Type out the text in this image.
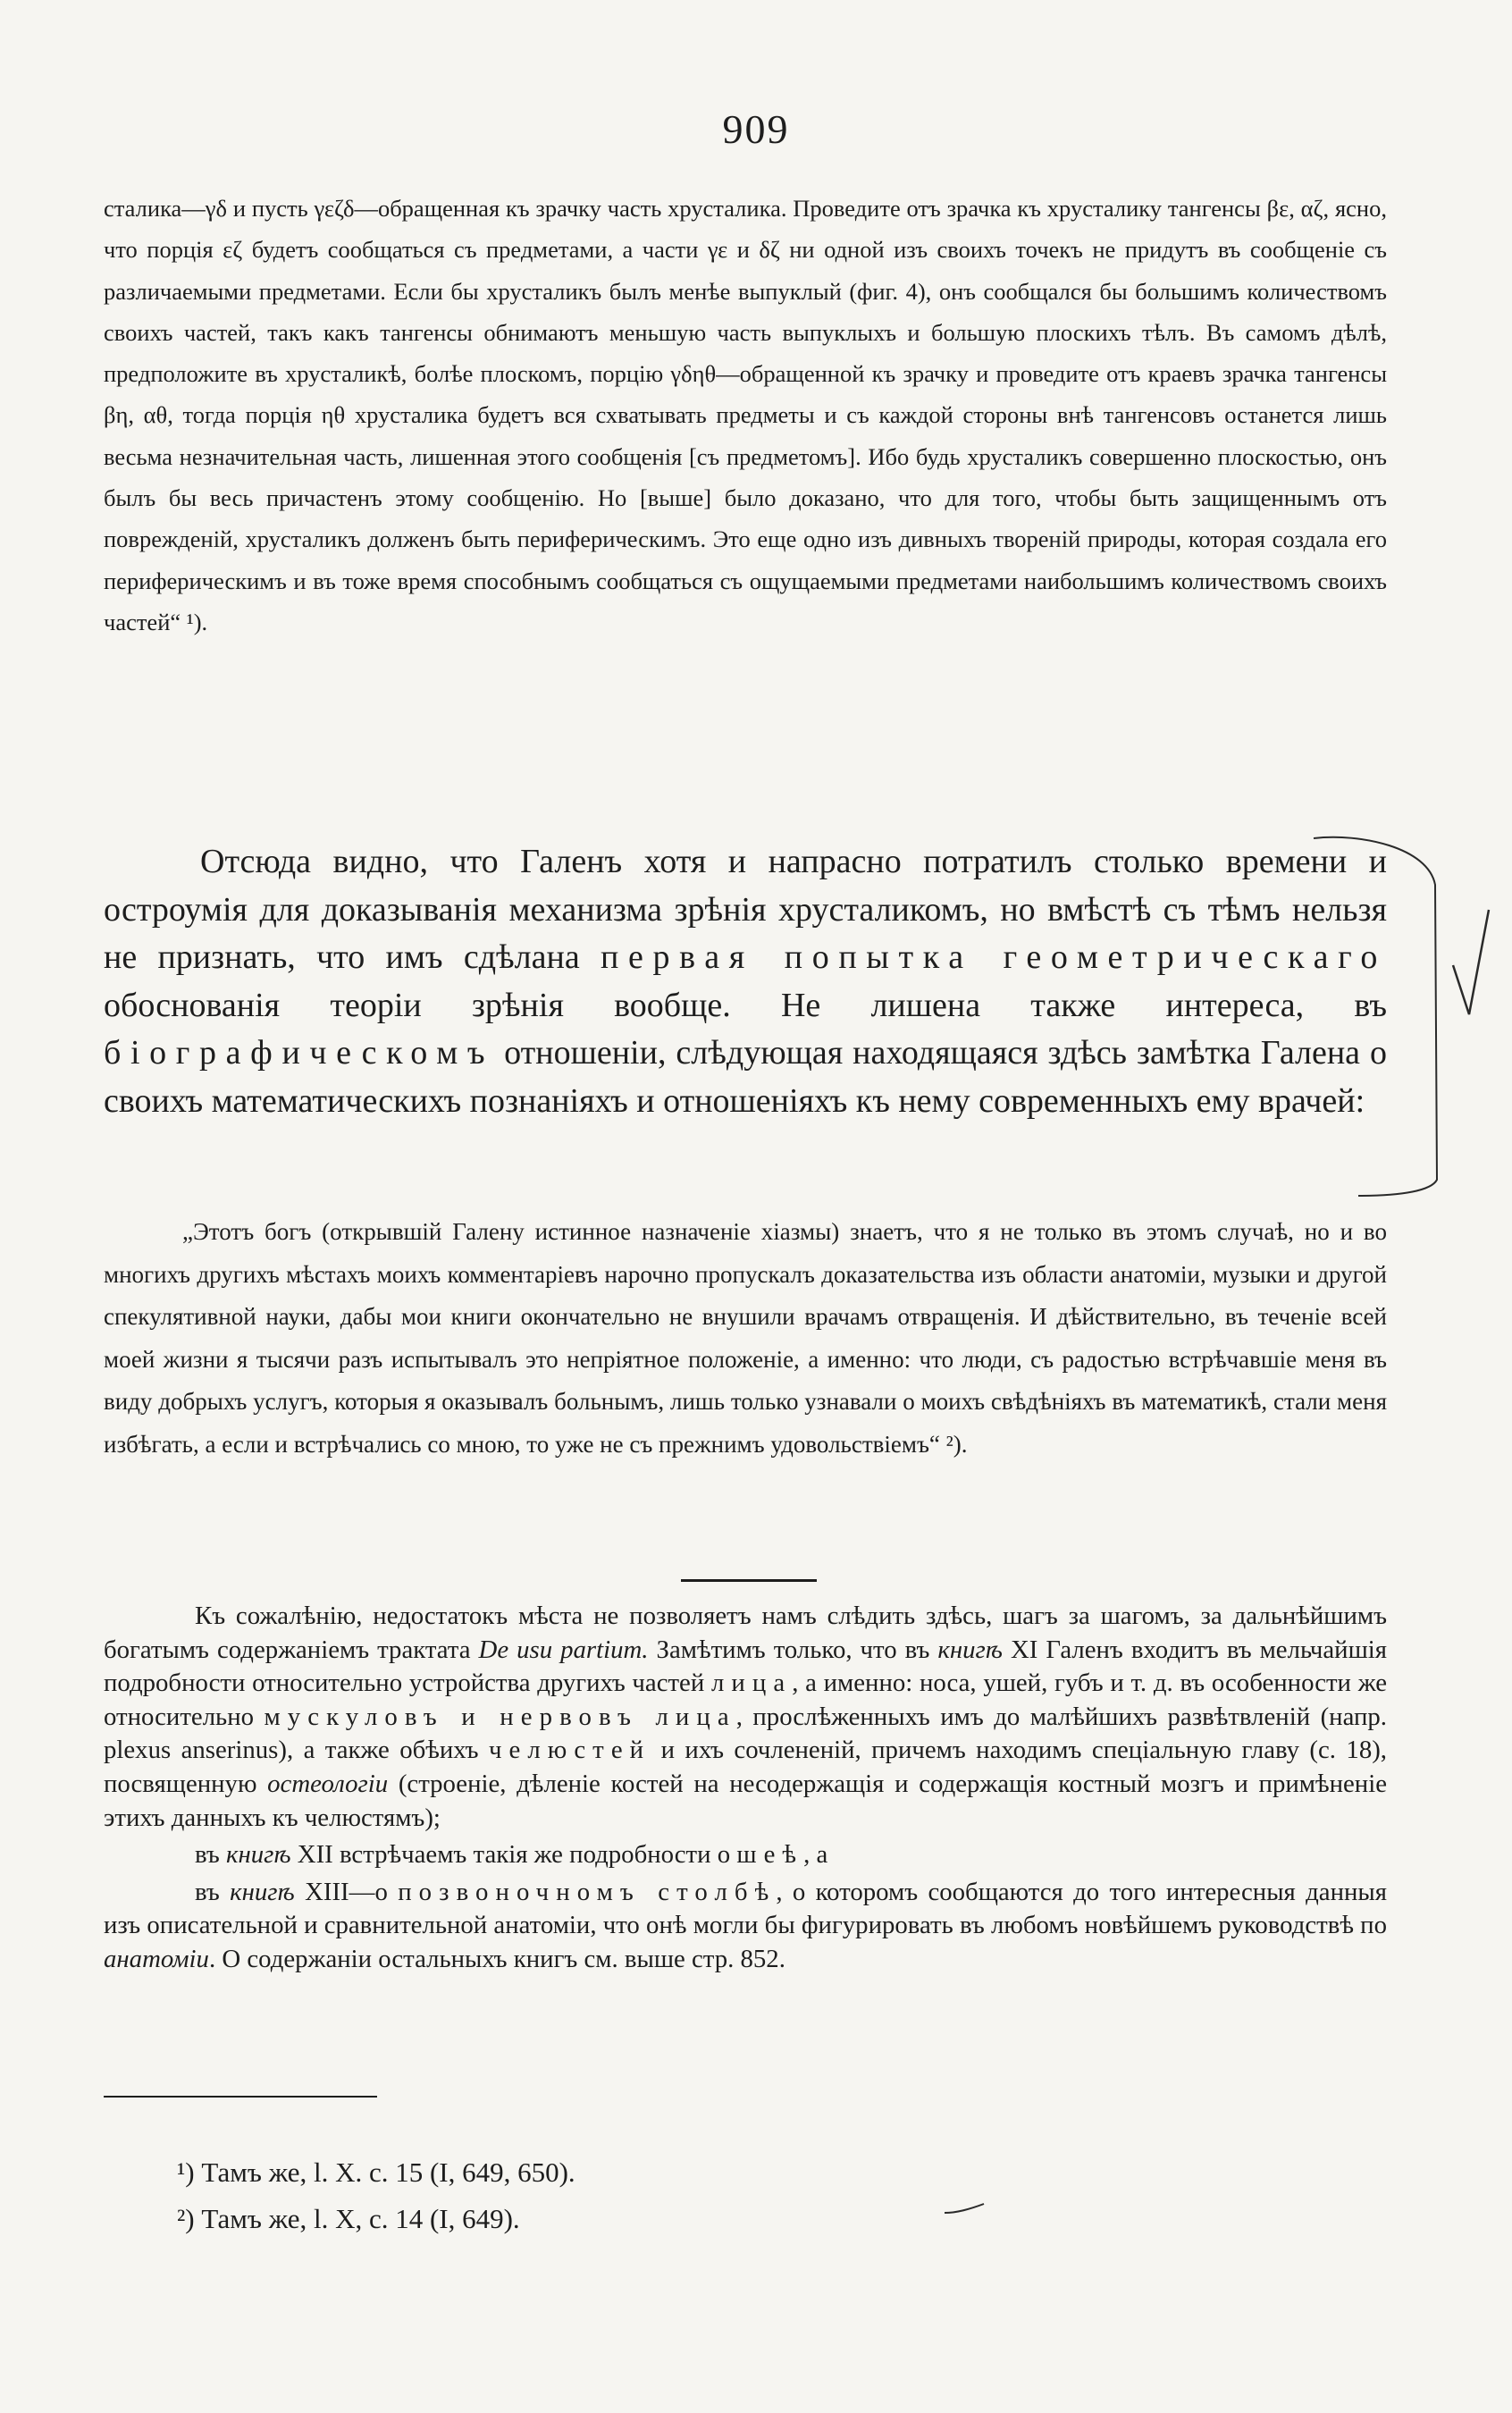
909

сталика—γδ и пусть γεζδ—обращенная къ зрачку часть хрусталика. Проведите отъ зрачка къ хрусталику тангенсы βε, αζ, ясно, что порція εζ будетъ сообщаться съ предметами, а части γε и δζ ни одной изъ своихъ точекъ не придутъ въ сообщеніе съ различаемыми предметами. Если бы хрусталикъ былъ менѣе выпуклый (фиг. 4), онъ сообщался бы большимъ количествомъ своихъ частей, такъ какъ тангенсы обнимаютъ меньшую часть выпуклыхъ и большую плоскихъ тѣлъ. Въ самомъ дѣлѣ, предположите въ хрусталикѣ, болѣе плоскомъ, порцію γδηθ—обращенной къ зрачку и проведите отъ краевъ зрачка тангенсы βη, αθ, тогда порція ηθ хрусталика будетъ вся схватывать предметы и съ каждой стороны внѣ тангенсовъ останется лишь весьма незначительная часть, лишенная этого сообщенія [съ предметомъ]. Ибо будь хрусталикъ совершенно плоскостью, онъ былъ бы весь причастенъ этому сообщенію. Но [выше] было доказано, что для того, чтобы быть защищеннымъ отъ поврежденій, хрусталикъ долженъ быть периферическимъ. Это еще одно изъ дивныхъ твореній природы, которая создала его периферическимъ и въ тоже время способнымъ сообщаться съ ощущаемыми предметами наибольшимъ количествомъ своихъ частей“ ¹).

Отсюда видно, что Галенъ хотя и напрасно потратилъ столько времени и остроумія для доказыванія механизма зрѣнія хрусталикомъ, но вмѣстѣ съ тѣмъ нельзя не признать, что имъ сдѣлана первая попытка геометрическаго обоснованія теоріи зрѣнія вообще. Не лишена также интереса, въ біографическомъ отношеніи, слѣдующая находящаяся здѣсь замѣтка Галена о своихъ математическихъ познаніяхъ и отношеніяхъ къ нему современныхъ ему врачей:

„Этотъ богъ (открывшій Галену истинное назначеніе хіазмы) знаетъ, что я не только въ этомъ случаѣ, но и во многихъ другихъ мѣстахъ моихъ комментаріевъ нарочно пропускалъ доказательства изъ области анатоміи, музыки и другой спекулятивной науки, дабы мои книги окончательно не внушили врачамъ отвращенія. И дѣйствительно, въ теченіе всей моей жизни я тысячи разъ испытывалъ это непріятное положеніе, а именно: что люди, съ радостью встрѣчавшіе меня въ виду добрыхъ услугъ, которыя я оказывалъ больнымъ, лишь только узнавали о моихъ свѣдѣніяхъ въ математикѣ, стали меня избѣгать, а если и встрѣчались со мною, то уже не съ прежнимъ удовольствіемъ“ ²).

Къ сожалѣнію, недостатокъ мѣста не позволяетъ намъ слѣдить здѣсь, шагъ за шагомъ, за дальнѣйшимъ богатымъ содержаніемъ трактата De usu partium. Замѣтимъ только, что въ книгѣ XI Галенъ входитъ въ мельчайшія подробности относительно устройства другихъ частей лица, а именно: носа, ушей, губъ и т. д. въ особенности же относительно мускуловъ и нервовъ лица, прослѣженныхъ имъ до малѣйшихъ развѣтвленій (напр. plexus anserinus), а также обѣихъ челюстей и ихъ сочлененій, причемъ находимъ спеціальную главу (с. 18), посвященную остеологіи (строеніе, дѣленіе костей на несодержащія и содержащія костный мозгъ и примѣненіе этихъ данныхъ къ челюстямъ);

въ книгѣ XII встрѣчаемъ такія же подробности о шеѣ, а

въ книгѣ XIII—о позвоночномъ столбѣ, о которомъ сообщаются до того интересныя данныя изъ описательной и сравнительной анатоміи, что онѣ могли бы фигурировать въ любомъ новѣйшемъ руководствѣ по анатоміи. О содержаніи остальныхъ книгъ см. выше стр. 852.

¹) Тамъ же, l. X. c. 15 (I, 649, 650).
²) Тамъ же, l. X, c. 14 (I, 649).
